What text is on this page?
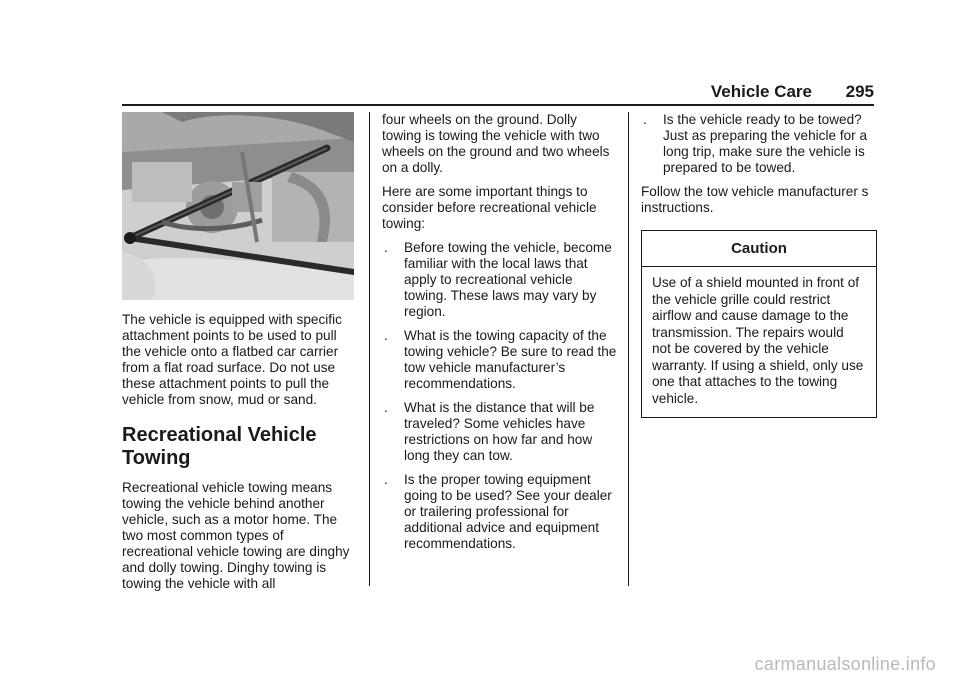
Vehicle Care 295

The vehicle is equipped with specific attachment points to be used to pull the vehicle onto a flatbed car carrier from a flat road surface. Do not use these attachment points to pull the vehicle from snow, mud or sand.

Recreational Vehicle Towing

Recreational vehicle towing means towing the vehicle behind another vehicle, such as a motor home. The two most common types of recreational vehicle towing are dinghy and dolly towing. Dinghy towing is towing the vehicle with all

four wheels on the ground. Dolly towing is towing the vehicle with two wheels on the ground and two wheels on a dolly.

Here are some important things to consider before recreational vehicle towing:

. Before towing the vehicle, become familiar with the local laws that apply to recreational vehicle towing. These laws may vary by region.
. What is the towing capacity of the towing vehicle? Be sure to read the tow vehicle manufacturer’s recommendations.
. What is the distance that will be traveled? Some vehicles have restrictions on how far and how long they can tow.
. Is the proper towing equipment going to be used? See your dealer or trailering professional for additional advice and equipment recommendations.
. Is the vehicle ready to be towed? Just as preparing the vehicle for a long trip, make sure the vehicle is prepared to be towed.

Follow the tow vehicle manufacturer s instructions.

Caution
Use of a shield mounted in front of the vehicle grille could restrict airflow and cause damage to the transmission. The repairs would not be covered by the vehicle warranty. If using a shield, only use one that attaches to the towing vehicle.
carmanualsonline.info
